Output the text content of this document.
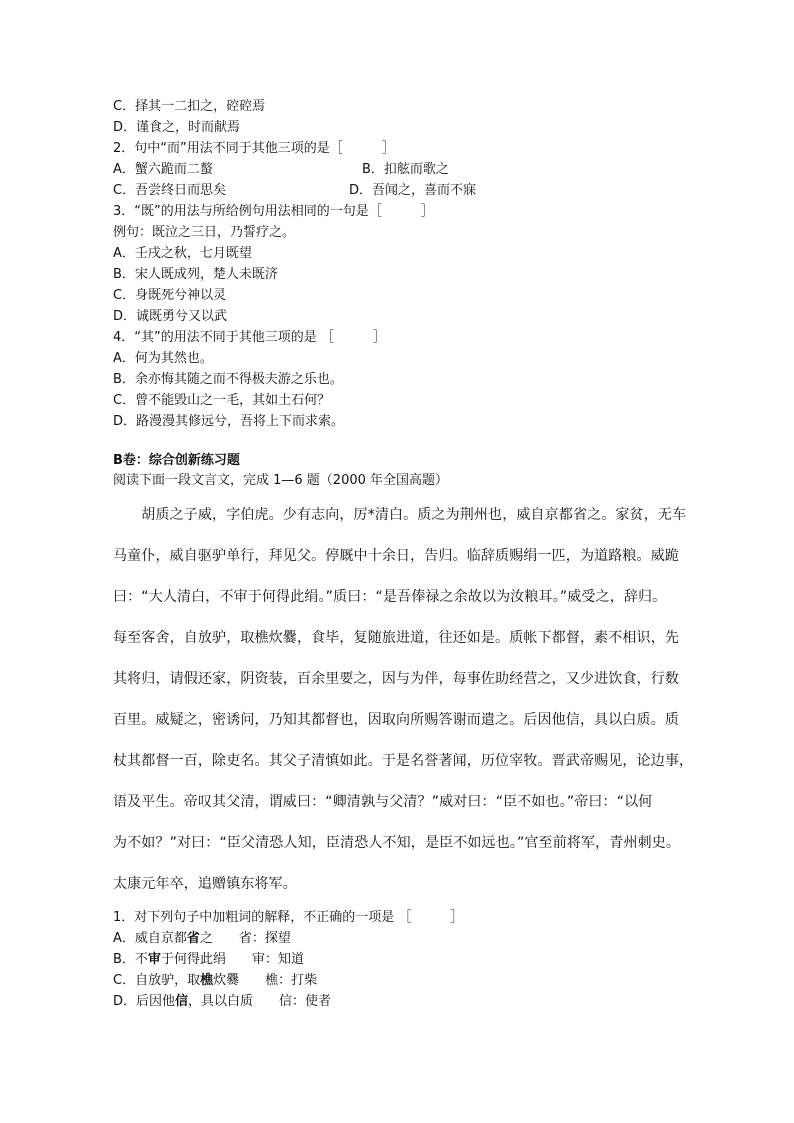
C．择其一二扣之，硿硿焉
D．谨食之，时而献焉
2．句中“而”用法不同于其他三项的是［　　　］
A．蟹六跪而二螯	B．扣舷而歌之
C．吾尝终日而思矣	D．吾闻之，喜而不寐
3．“既”的用法与所给例句用法相同的一句是［　　　］
例句：既泣之三日，乃誓疗之。
A．壬戌之秋，七月既望
B．宋人既成列，楚人未既济
C．身既死兮神以灵
D．诚既勇兮又以武
4．“其”的用法不同于其他三项的是 ［　　　］
A．何为其然也。
B．余亦悔其随之而不得极夫游之乐也。
C．曾不能毁山之一毛，其如土石何？
D．路漫漫其修远兮，吾将上下而求索。
B卷：综合创新练习题
阅读下面一段文言文，完成 1—6 题（2000 年全国高题）
　　胡质之子威，字伯虎。少有志向，厉*清白。质之为荆州也，威自京都省之。家贫，无车
马童仆，威自驱驴单行，拜见父。停厩中十余日，告归。临辞质赐绢一匹，为道路粮。威跪
曰：“大人清白，不审于何得此绢。”质曰：“是吾俸禄之余故以为汝粮耳。”威受之，辞归。
每至客舍，自放驴，取樵炊爨，食毕，复随旅进道，往还如是。质帐下都督，素不相识，先
其将归，请假还家，阴资装，百余里要之，因与为伴，每事佐助经营之，又少进饮食，行数
百里。威疑之，密诱问，乃知其都督也，因取向所赐答谢而遣之。后因他信，具以白质。质
杖其都督一百，除吏名。其父子清慎如此。于是名誉著闻，历位宰牧。晋武帝赐见，论边事，
语及平生。帝叹其父清，谓威曰：“卿清孰与父清？”威对曰：“臣不如也。”帝曰：“以何
为不如？”对曰：“臣父清恐人知，臣清恐人不知，是臣不如远也。”官至前将军，青州刺史。
太康元年卒，追赠镇东将军。
1．对下列句子中加粗词的解释，不正确的一项是 ［　　　］
A．威自京都省之　　省：探望
B．不审于何得此绢　　审：知道
C．自放驴，取樵炊爨　　樵：打柴
D．后因他信，具以白质　　信：使者
